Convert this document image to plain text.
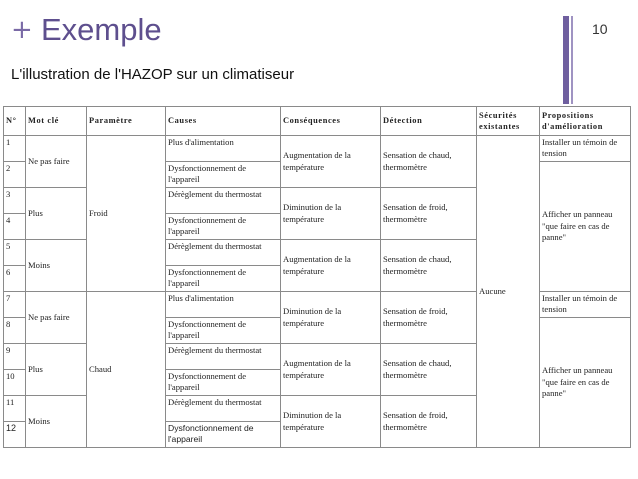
+ Exemple	10
L'illustration de l'HAZOP sur un climatiseur
N°	Mot clé	Paramètre	Causes	Conséquences	Détection	Sécurités existantes	Propositions d'amélioration
1	Ne pas faire	Froid	Plus d'alimentation	Augmentation de la température	Sensation de chaud, thermomètre	Aucune	Installer un témoin de tension
2			Dysfonctionnement de l'appareil				Afficher un panneau "que faire en cas de panne"
3	Plus		Dérèglement du thermostat	Diminution de la température	Sensation de froid, thermomètre		
4			Dysfonctionnement de l'appareil				
5	Moins		Dérèglement du thermostat	Augmentation de la température	Sensation de chaud, thermomètre		
6			Dysfonctionnement de l'appareil				
7	Ne pas faire	Chaud	Plus d'alimentation	Diminution de la température	Sensation de froid, thermomètre		Installer un témoin de tension
8			Dysfonctionnement de l'appareil				Afficher un panneau "que faire en cas de panne"
9	Plus		Dérèglement du thermostat	Augmentation de la température	Sensation de chaud, thermomètre		
10			Dysfonctionnement de l'appareil				
11	Moins		Dérèglement du thermostat	Diminution de la température	Sensation de froid, thermomètre		
12			Dysfonctionnement de l'appareil				
